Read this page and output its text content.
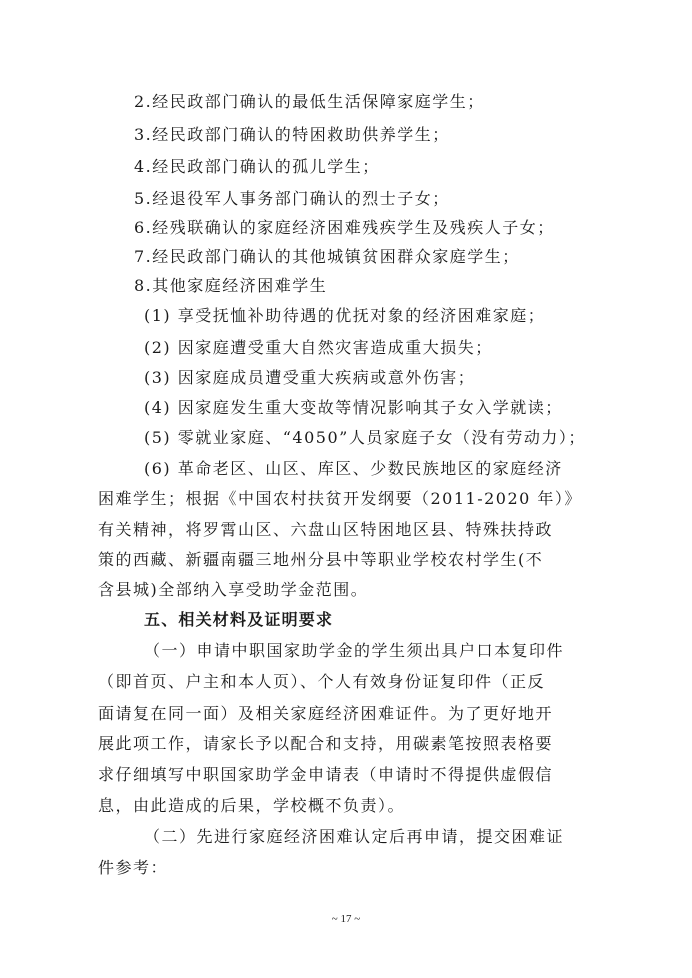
2.经民政部门确认的最低生活保障家庭学生；
3.经民政部门确认的特困救助供养学生；
4.经民政部门确认的孤儿学生；
5.经退役军人事务部门确认的烈士子女；
6.经残联确认的家庭经济困难残疾学生及残疾人子女；
7.经民政部门确认的其他城镇贫困群众家庭学生；
8.其他家庭经济困难学生
(1) 享受抚恤补助待遇的优抚对象的经济困难家庭；
(2) 因家庭遭受重大自然灾害造成重大损失；
(3) 因家庭成员遭受重大疾病或意外伤害；
(4) 因家庭发生重大变故等情况影响其子女入学就读；
(5) 零就业家庭、“4050”人员家庭子女（没有劳动力）；
(6) 革命老区、山区、库区、少数民族地区的家庭经济
困难学生；根据《中国农村扶贫开发纲要（2011-2020 年）》
有关精神，将罗霄山区、六盘山区特困地区县、特殊扶持政
策的西藏、新疆南疆三地州分县中等职业学校农村学生(不
含县城)全部纳入享受助学金范围。
五、相关材料及证明要求
（一）申请中职国家助学金的学生须出具户口本复印件
（即首页、户主和本人页）、个人有效身份证复印件（正反
面请复在同一面）及相关家庭经济困难证件。为了更好地开
展此项工作，请家长予以配合和支持，用碳素笔按照表格要
求仔细填写中职国家助学金申请表（申请时不得提供虚假信
息，由此造成的后果，学校概不负责）。
（二）先进行家庭经济困难认定后再申请，提交困难证
件参考：
~ 17 ~
